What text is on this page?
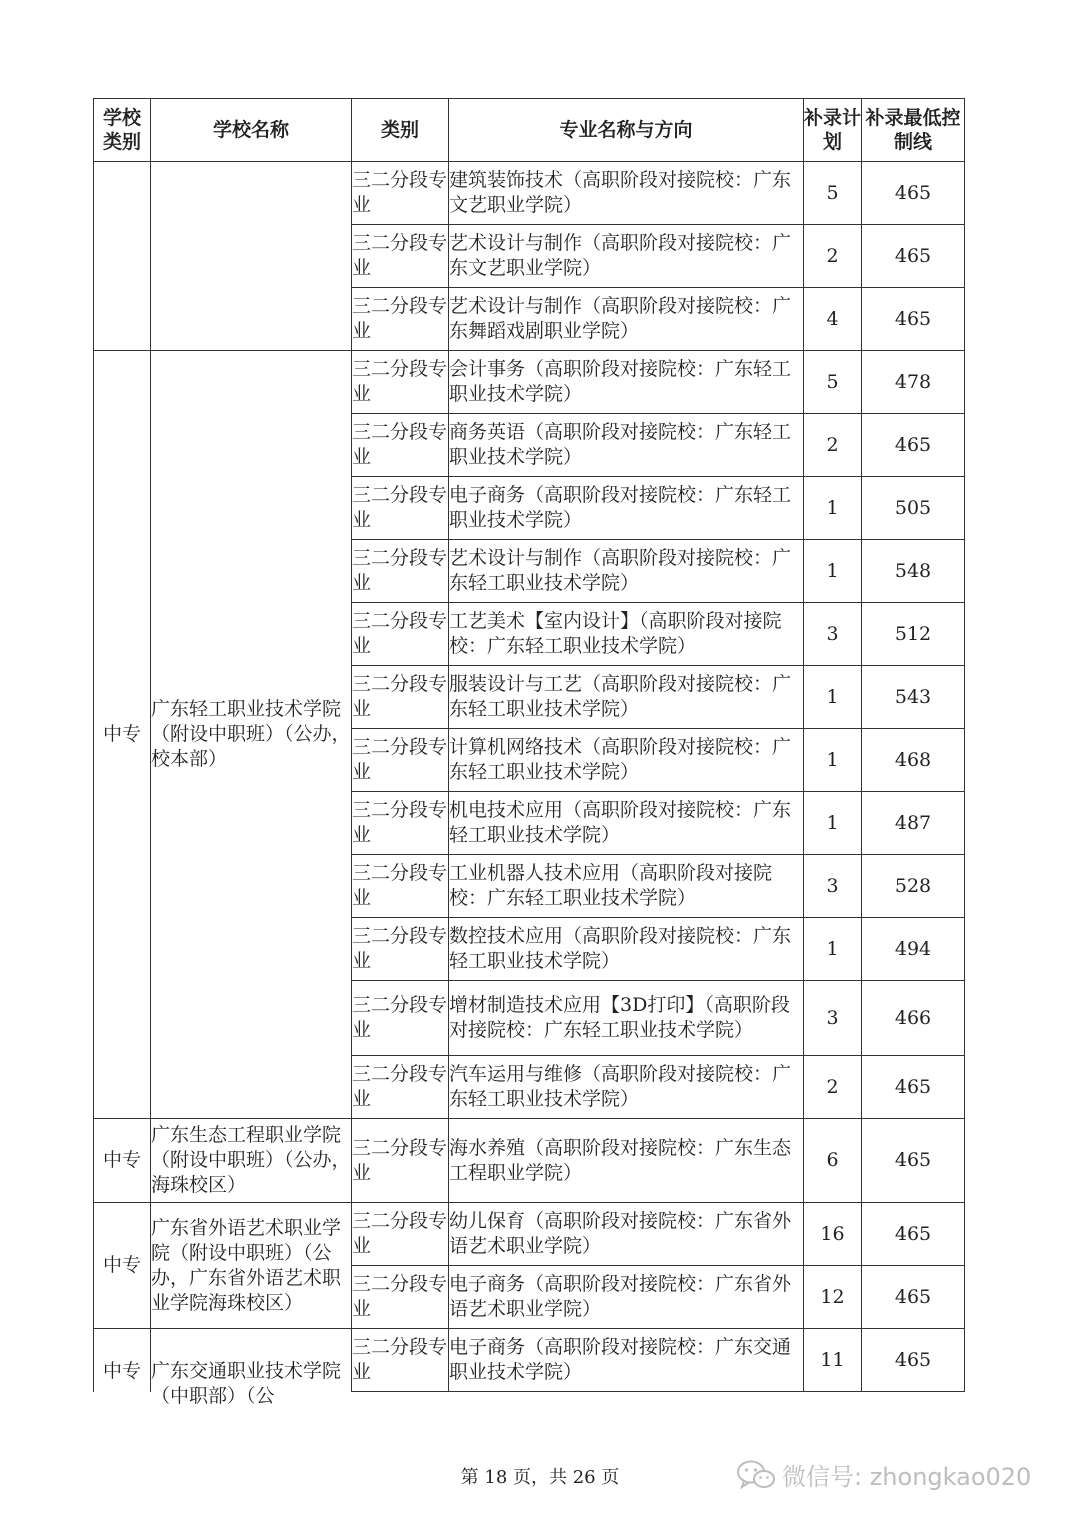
学校类别	学校名称	类别	专业名称与方向	补录计划	补录最低控制线
		三二分段专业	建筑装饰技术（高职阶段对接院校：广东文艺职业学院）	5	465
		三二分段专业	艺术设计与制作（高职阶段对接院校：广东文艺职业学院）	2	465
		三二分段专业	艺术设计与制作（高职阶段对接院校：广东舞蹈戏剧职业学院）	4	465
中专	广东轻工职业技术学院（附设中职班）（公办，校本部）	三二分段专业	会计事务（高职阶段对接院校：广东轻工职业技术学院）	5	478
		三二分段专业	商务英语（高职阶段对接院校：广东轻工职业技术学院）	2	465
		三二分段专业	电子商务（高职阶段对接院校：广东轻工职业技术学院）	1	505
		三二分段专业	艺术设计与制作（高职阶段对接院校：广东轻工职业技术学院）	1	548
		三二分段专业	工艺美术【室内设计】（高职阶段对接院校：广东轻工职业技术学院）	3	512
		三二分段专业	服装设计与工艺（高职阶段对接院校：广东轻工职业技术学院）	1	543
		三二分段专业	计算机网络技术（高职阶段对接院校：广东轻工职业技术学院）	1	468
		三二分段专业	机电技术应用（高职阶段对接院校：广东轻工职业技术学院）	1	487
		三二分段专业	工业机器人技术应用（高职阶段对接院校：广东轻工职业技术学院）	3	528
		三二分段专业	数控技术应用（高职阶段对接院校：广东轻工职业技术学院）	1	494
		三二分段专业	增材制造技术应用【3D打印】（高职阶段对接院校：广东轻工职业技术学院）	3	466
		三二分段专业	汽车运用与维修（高职阶段对接院校：广东轻工职业技术学院）	2	465
中专	广东生态工程职业学院（附设中职班）（公办，海珠校区）	三二分段专业	海水养殖（高职阶段对接院校：广东生态工程职业学院）	6	465
中专	广东省外语艺术职业学院（附设中职班）（公办，广东省外语艺术职业学院海珠校区）	三二分段专业	幼儿保育（高职阶段对接院校：广东省外语艺术职业学院）	16	465
		三二分段专业	电子商务（高职阶段对接院校：广东省外语艺术职业学院）	12	465

中专	广东交通职业技术学院（中职部）（公	三二分段专业	电子商务（高职阶段对接院校：广东交通职业技术学院）	11	465
第 18 页，共 26 页	微信号: zhongkao020
